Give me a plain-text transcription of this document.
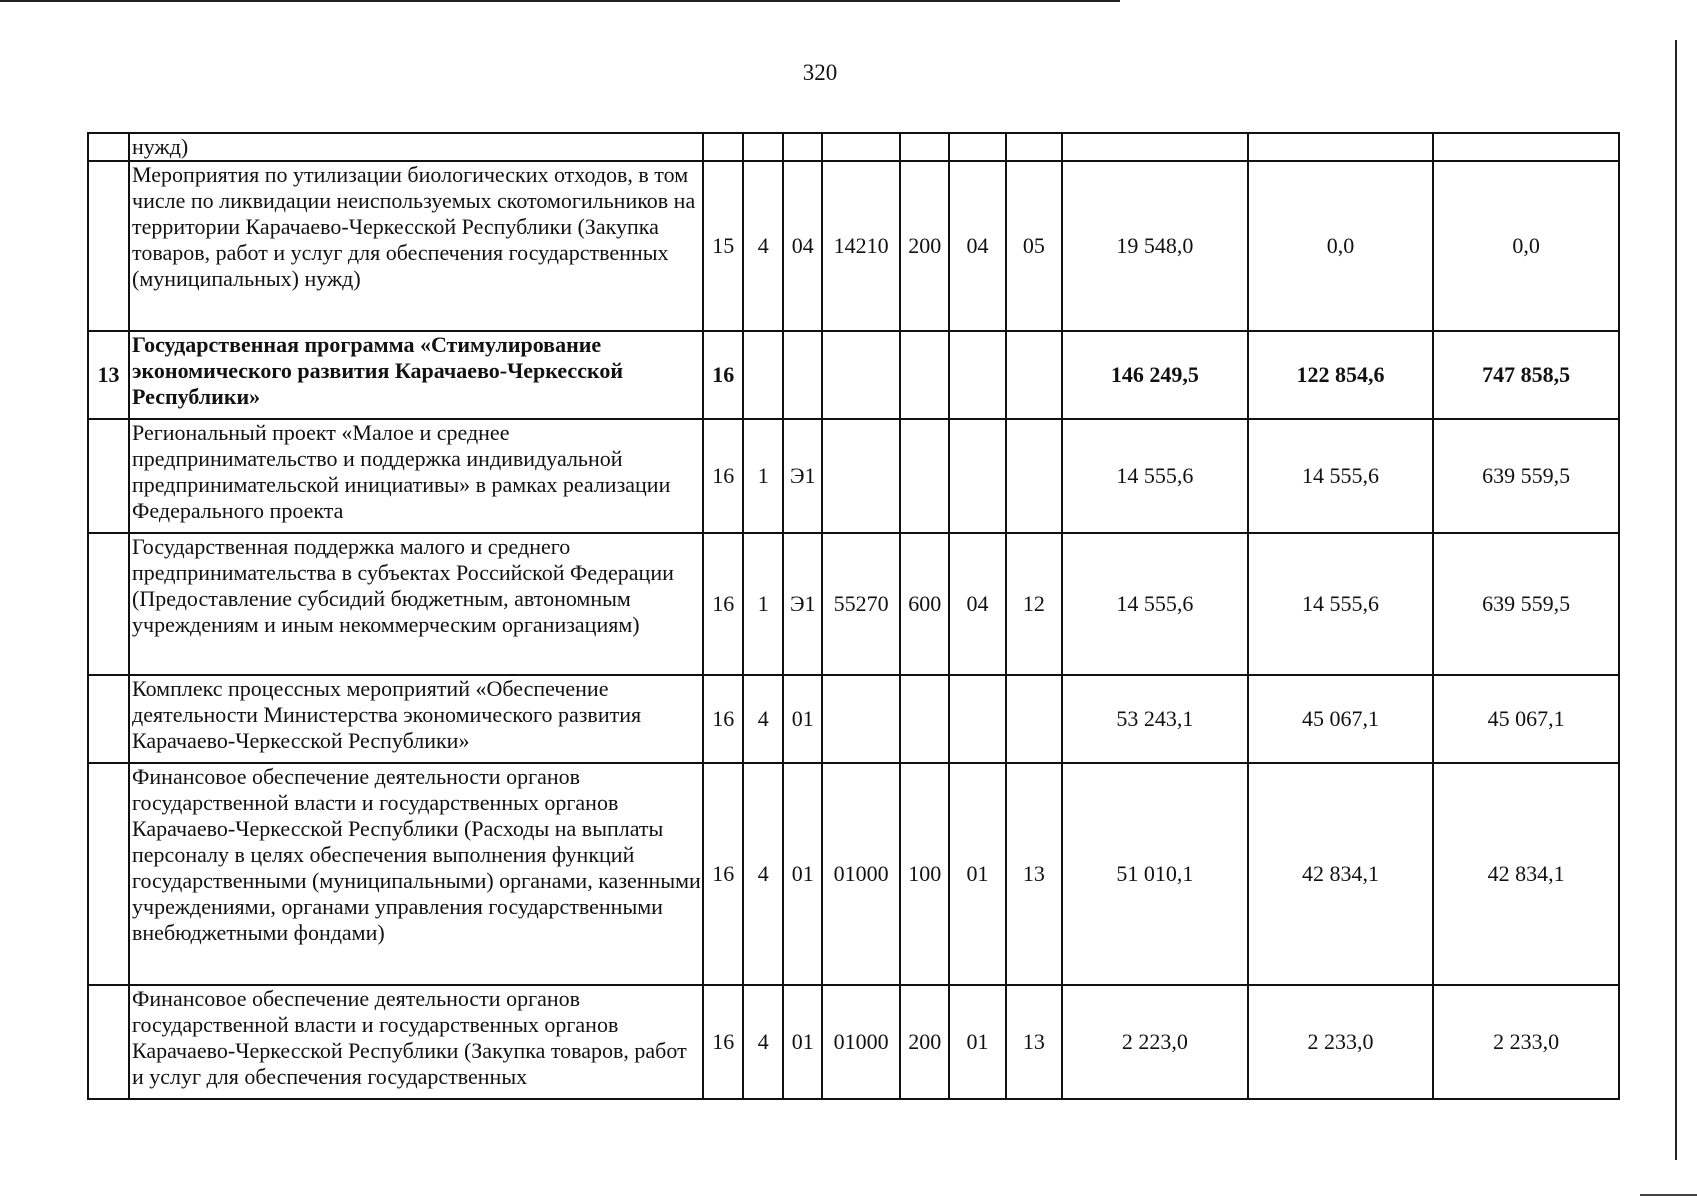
320
	нужд)										
	Мероприятия по утилизации биологических отходов, в том числе по ликвидации неиспользуемых скотомогильников на территории Карачаево-Черкесской Республики (Закупка товаров, работ и услуг для обеспечения государственных (муниципальных) нужд)	15	4	04	14210	200	04	05	19 548,0	0,0	0,0
13	Государственная программа «Стимулирование экономического развития Карачаево-Черкесской Республики»	16							146 249,5	122 854,6	747 858,5
	Региональный проект «Малое и среднее предпринимательство и поддержка индивидуальной предпринимательской инициативы» в рамках реализации Федерального проекта	16	1	Э1					14 555,6	14 555,6	639 559,5
	Государственная поддержка малого и среднего предпринимательства в субъектах Российской Федерации (Предоставление субсидий бюджетным, автономным учреждениям и иным некоммерческим организациям)	16	1	Э1	55270	600	04	12	14 555,6	14 555,6	639 559,5
	Комплекс процессных мероприятий «Обеспечение деятельности Министерства экономического развития Карачаево-Черкесской Республики»	16	4	01					53 243,1	45 067,1	45 067,1
	Финансовое обеспечение деятельности органов государственной власти и государственных органов Карачаево-Черкесской Республики (Расходы на выплаты персоналу в целях обеспечения выполнения функций государственными (муниципальными) органами, казенными учреждениями, органами управления государственными внебюджетными фондами)	16	4	01	01000	100	01	13	51 010,1	42 834,1	42 834,1
	Финансовое обеспечение деятельности органов государственной власти и государственных органов Карачаево-Черкесской Республики (Закупка товаров, работ и услуг для обеспечения государственных	16	4	01	01000	200	01	13	2 223,0	2 233,0	2 233,0
